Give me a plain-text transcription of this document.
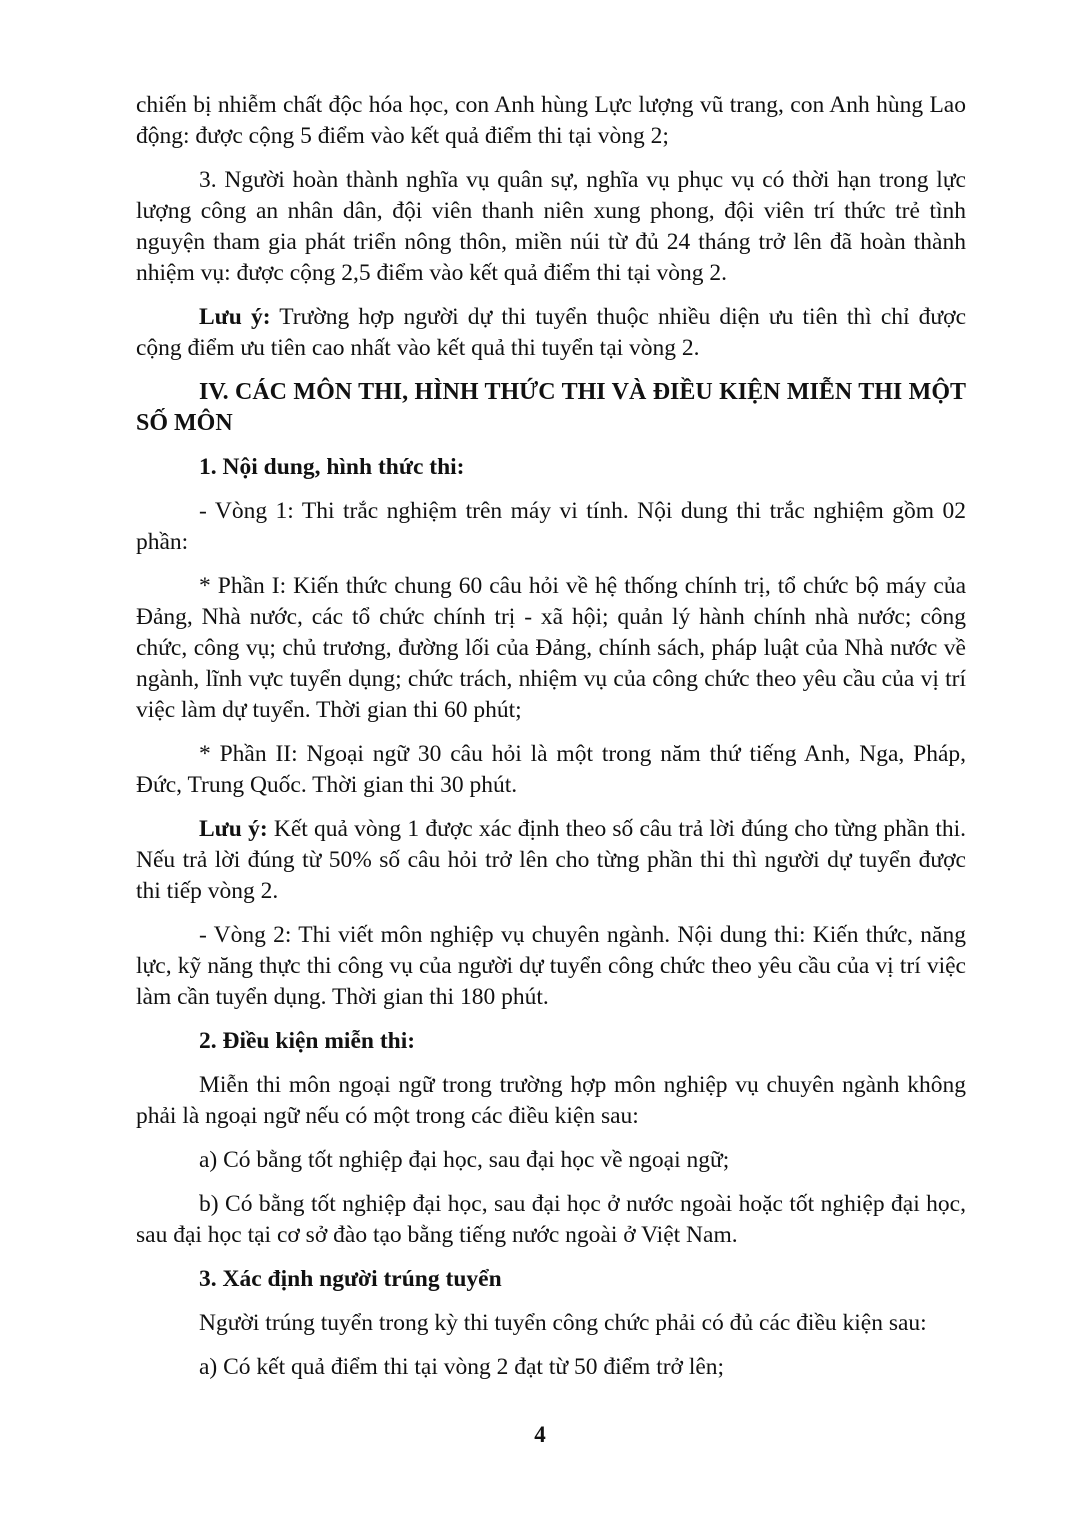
chiến bị nhiễm chất độc hóa học, con Anh hùng Lực lượng vũ trang, con Anh hùng Lao động: được cộng 5 điểm vào kết quả điểm thi tại vòng 2;

3. Người hoàn thành nghĩa vụ quân sự, nghĩa vụ phục vụ có thời hạn trong lực lượng công an nhân dân, đội viên thanh niên xung phong, đội viên trí thức trẻ tình nguyện tham gia phát triển nông thôn, miền núi từ đủ 24 tháng trở lên đã hoàn thành nhiệm vụ: được cộng 2,5 điểm vào kết quả điểm thi tại vòng 2.

Lưu ý: Trường hợp người dự thi tuyển thuộc nhiều diện ưu tiên thì chỉ được cộng điểm ưu tiên cao nhất vào kết quả thi tuyển tại vòng 2.

IV. CÁC MÔN THI, HÌNH THỨC THI VÀ ĐIỀU KIỆN MIỄN THI MỘT SỐ MÔN

1. Nội dung, hình thức thi:

- Vòng 1: Thi trắc nghiệm trên máy vi tính. Nội dung thi trắc nghiệm gồm 02 phần:

* Phần I: Kiến thức chung 60 câu hỏi về hệ thống chính trị, tổ chức bộ máy của Đảng, Nhà nước, các tổ chức chính trị - xã hội; quản lý hành chính nhà nước; công chức, công vụ; chủ trương, đường lối của Đảng, chính sách, pháp luật của Nhà nước về ngành, lĩnh vực tuyển dụng; chức trách, nhiệm vụ của công chức theo yêu cầu của vị trí việc làm dự tuyển. Thời gian thi 60 phút;

* Phần II: Ngoại ngữ 30 câu hỏi là một trong năm thứ tiếng Anh, Nga, Pháp, Đức, Trung Quốc. Thời gian thi 30 phút.

Lưu ý: Kết quả vòng 1 được xác định theo số câu trả lời đúng cho từng phần thi. Nếu trả lời đúng từ 50% số câu hỏi trở lên cho từng phần thi thì người dự tuyển được thi tiếp vòng 2.

- Vòng 2: Thi viết môn nghiệp vụ chuyên ngành. Nội dung thi: Kiến thức, năng lực, kỹ năng thực thi công vụ của người dự tuyển công chức theo yêu cầu của vị trí việc làm cần tuyển dụng. Thời gian thi 180 phút.

2. Điều kiện miễn thi:

Miễn thi môn ngoại ngữ trong trường hợp môn nghiệp vụ chuyên ngành không phải là ngoại ngữ nếu có một trong các điều kiện sau:

a) Có bằng tốt nghiệp đại học, sau đại học về ngoại ngữ;

b) Có bằng tốt nghiệp đại học, sau đại học ở nước ngoài hoặc tốt nghiệp đại học, sau đại học tại cơ sở đào tạo bằng tiếng nước ngoài ở Việt Nam.

3. Xác định người trúng tuyển

Người trúng tuyển trong kỳ thi tuyển công chức phải có đủ các điều kiện sau:

a) Có kết quả điểm thi tại vòng 2 đạt từ 50 điểm trở lên;

4
